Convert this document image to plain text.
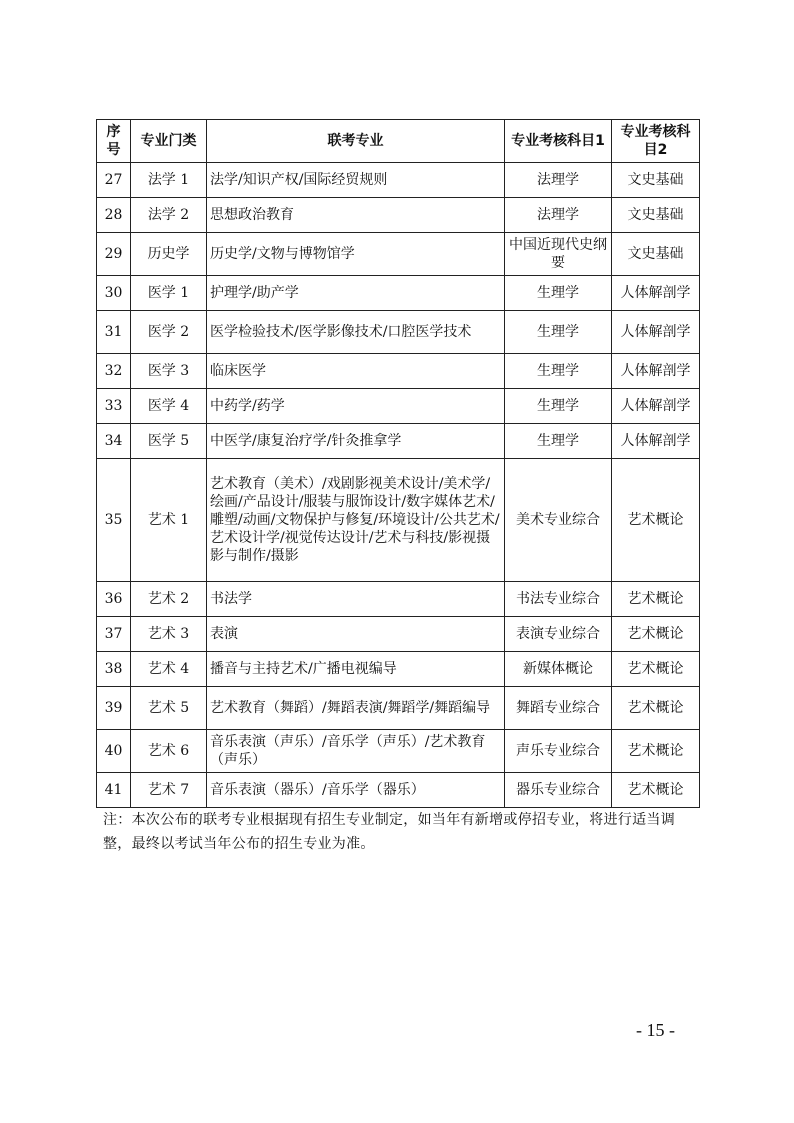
序号	专业门类	联考专业	专业考核科目1	专业考核科目2
27	法学 1	法学/知识产权/国际经贸规则	法理学	文史基础
28	法学 2	思想政治教育	法理学	文史基础
29	历史学	历史学/文物与博物馆学	中国近现代史纲要	文史基础
30	医学 1	护理学/助产学	生理学	人体解剖学
31	医学 2	医学检验技术/医学影像技术/口腔医学技术	生理学	人体解剖学
32	医学 3	临床医学	生理学	人体解剖学
33	医学 4	中药学/药学	生理学	人体解剖学
34	医学 5	中医学/康复治疗学/针灸推拿学	生理学	人体解剖学
35	艺术 1	艺术教育（美术）/戏剧影视美术设计/美术学/绘画/产品设计/服装与服饰设计/数字媒体艺术/雕塑/动画/文物保护与修复/环境设计/公共艺术/艺术设计学/视觉传达设计/艺术与科技/影视摄影与制作/摄影	美术专业综合	艺术概论
36	艺术 2	书法学	书法专业综合	艺术概论
37	艺术 3	表演	表演专业综合	艺术概论
38	艺术 4	播音与主持艺术/广播电视编导	新媒体概论	艺术概论
39	艺术 5	艺术教育（舞蹈）/舞蹈表演/舞蹈学/舞蹈编导	舞蹈专业综合	艺术概论
40	艺术 6	音乐表演（声乐）/音乐学（声乐）/艺术教育（声乐）	声乐专业综合	艺术概论
41	艺术 7	音乐表演（器乐）/音乐学（器乐）	器乐专业综合	艺术概论
注：本次公布的联考专业根据现有招生专业制定，如当年有新增或停招专业，将进行适当调整，最终以考试当年公布的招生专业为准。
- 15 -
